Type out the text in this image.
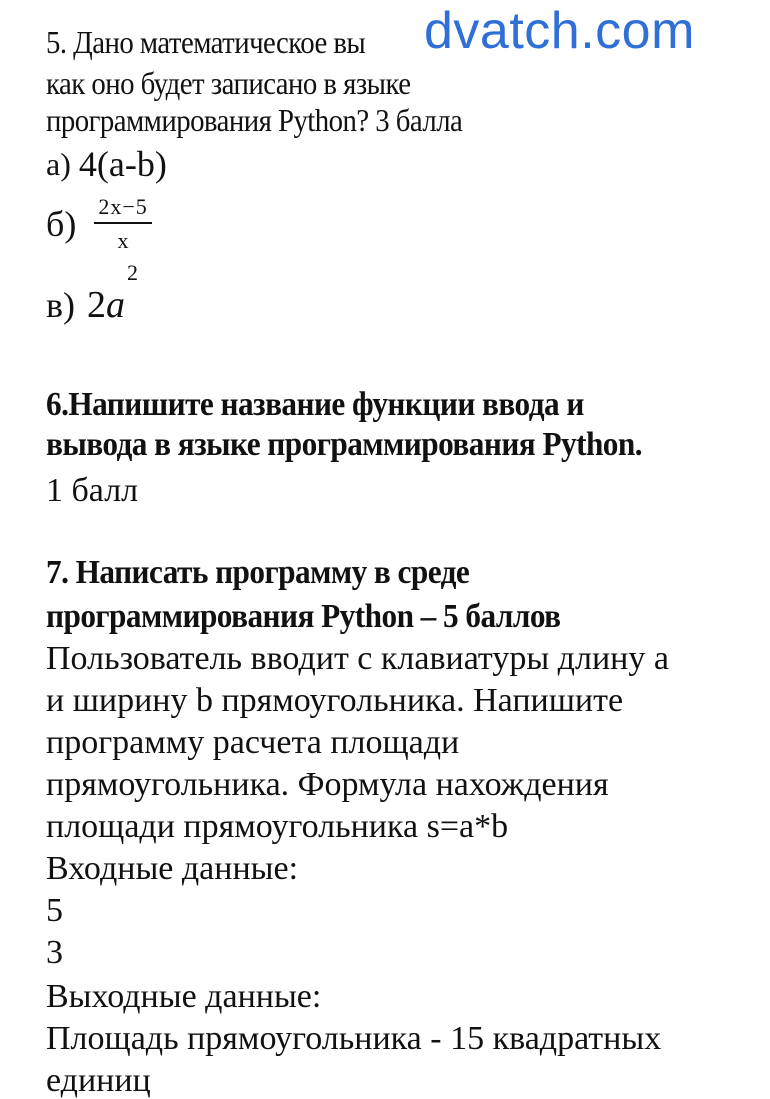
5. Дано математическое вы
как оно будет записано в языке
программирования Python? 3 балла
а) 4(a-b)
$б) \frac{2x-5}{x}$
в) 2 a
2
6.Напишите название функции ввода и
вывода в языке программирования Python.
1 балл
7. Написать программу в среде
программирования Python – 5 баллов
Пользователь вводит с клавиатуры длину a
и ширину b прямоугольника. Напишите
программу расчета площади
прямоугольника. Формула нахождения
площади прямоугольника s=a*b
Входные данные:
5
3
Выходные данные:
Площадь прямоугольника - 15 квадратных
единиц
dvatch.com
